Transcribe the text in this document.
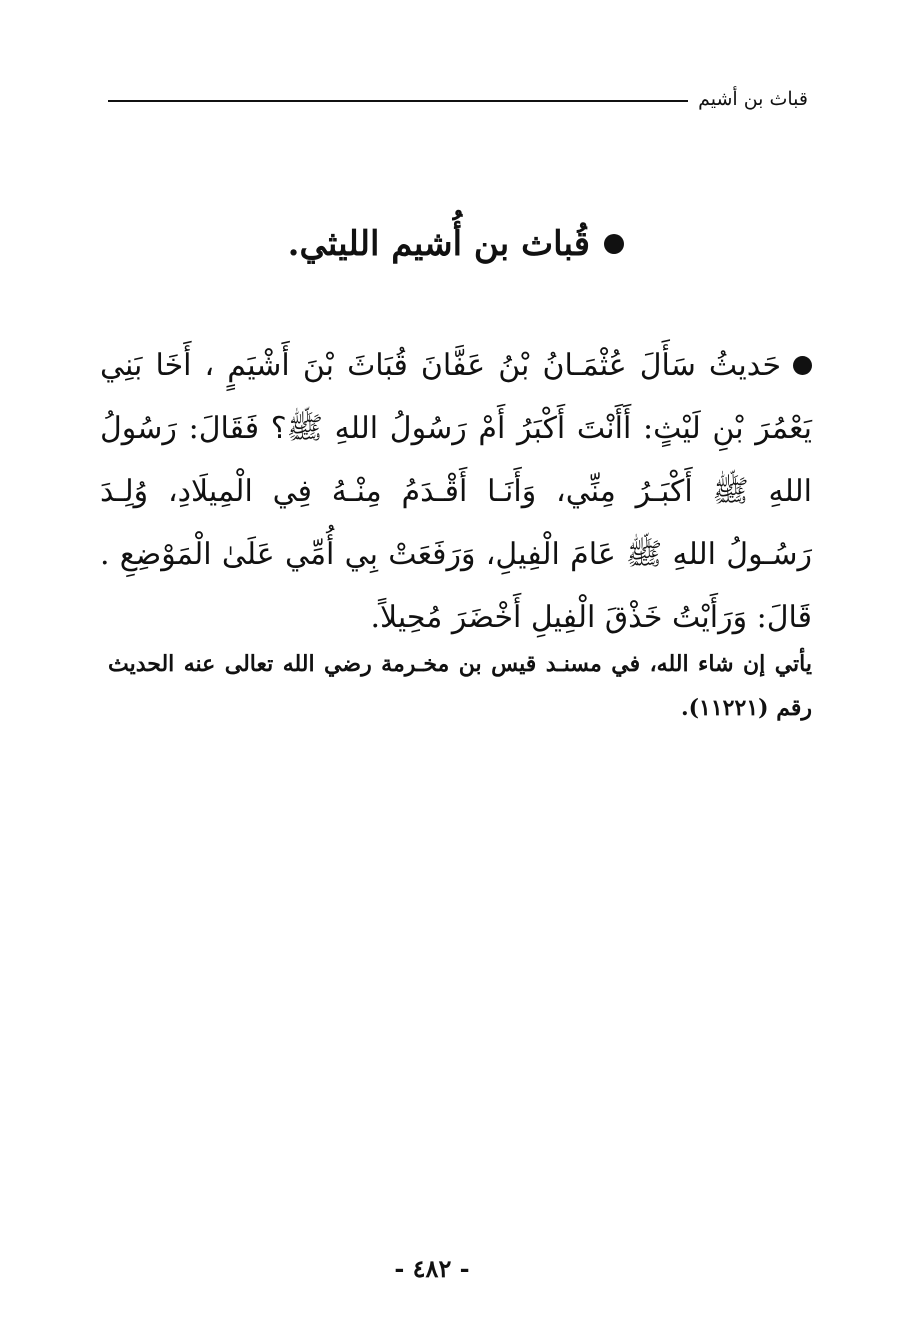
قباث بن أشيم
قُباث بن أُشيم الليثي.
حَديثُ سَأَلَ عُثْمَـانُ بْنُ عَفَّانَ قُبَاثَ بْنَ أَشْيَمٍ ، أَخَا بَنِي يَعْمُرَ بْنِ لَيْثٍ: أَأَنْتَ أَكْبَرُ أَمْ رَسُولُ اللهِ ﷺ؟ فَقَالَ: رَسُولُ اللهِ ﷺ أَكْبَـرُ مِنِّي، وَأَنَـا أَقْـدَمُ مِنْـهُ فِي الْمِيلَادِ، وُلِـدَ رَسُـولُ اللهِ ﷺ عَامَ الْفِيلِ، وَرَفَعَتْ بِي أُمِّي عَلَىٰ الْمَوْضِعِ . قَالَ: وَرَأَيْتُ خَذْقَ الْفِيلِ أَخْضَرَ مُحِيلاً.
يأتي إن شاء الله، في مسنـد قيس بن مخـرمة رضي الله تعالى عنه الحديث رقم (١١٢٢١).
- ٤٨٢ -
